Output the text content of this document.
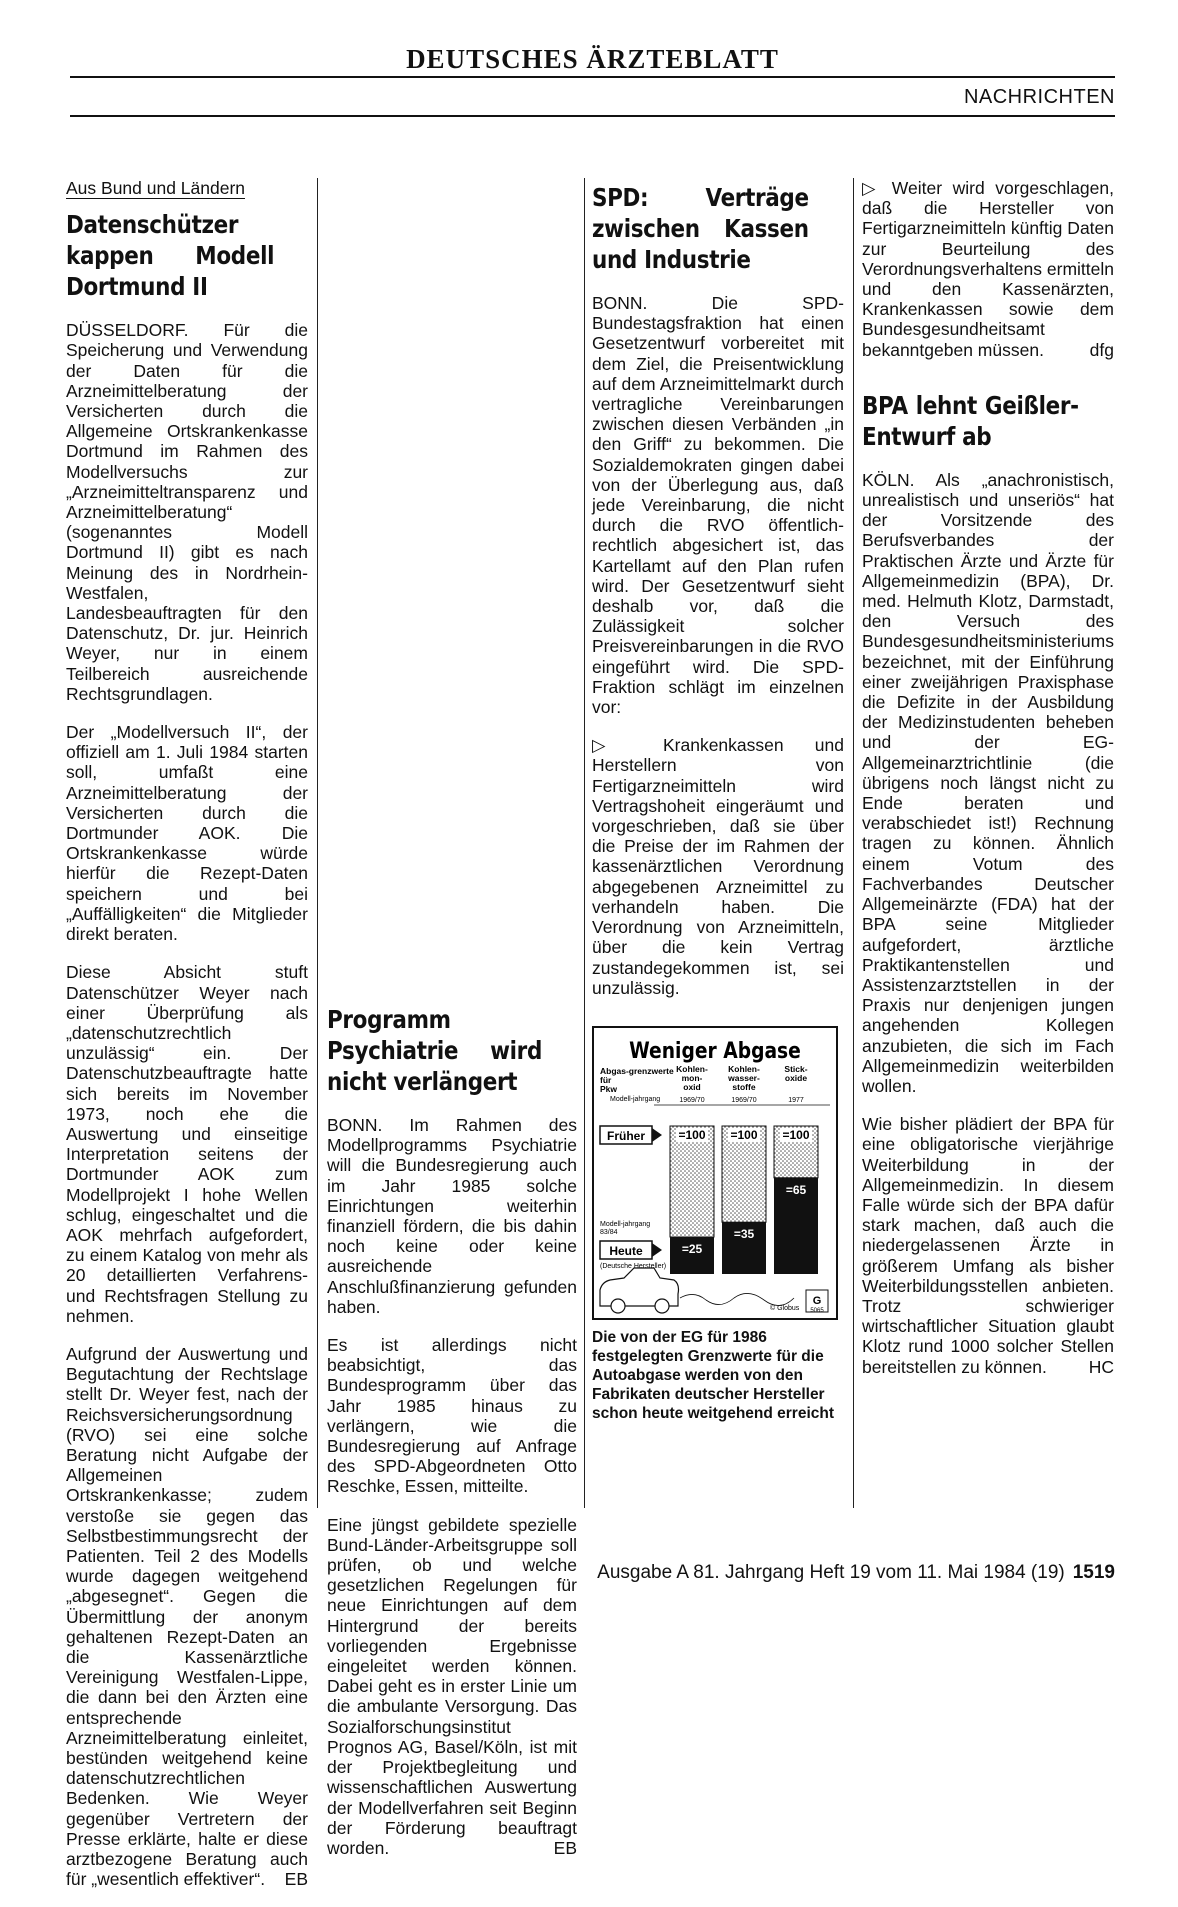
DEUTSCHES ÄRZTEBLATT
NACHRICHTEN
Aus Bund und Ländern
Datenschützer kappen Modell Dortmund II

DÜSSELDORF. Für die Speicherung und Verwendung der Daten für die Arzneimittelberatung der Versicherten durch die Allgemeine Ortskrankenkasse Dortmund im Rahmen des Modellversuchs zur „Arzneimitteltransparenz und Arzneimittelberatung“ (sogenanntes Modell Dortmund II) gibt es nach Meinung des in Nordrhein-Westfalen, Landesbeauftragten für den Datenschutz, Dr. jur. Heinrich Weyer, nur in einem Teilbereich ausreichende Rechtsgrundlagen.

Der „Modellversuch II“, der offiziell am 1. Juli 1984 starten soll, umfaßt eine Arzneimittelberatung der Versicherten durch die Dortmunder AOK. Die Ortskrankenkasse würde hierfür die Rezept-Daten speichern und bei „Auffälligkeiten“ die Mitglieder direkt beraten.

Diese Absicht stuft Datenschützer Weyer nach einer Überprüfung als „datenschutzrechtlich unzulässig“ ein. Der Datenschutzbeauftragte hatte sich bereits im November 1973, noch ehe die Auswertung und einseitige Interpretation seitens der Dortmunder AOK zum Modellprojekt I hohe Wellen schlug, eingeschaltet und die AOK mehrfach aufgefordert, zu einem Katalog von mehr als 20 detaillierten Verfahrens- und Rechtsfragen Stellung zu nehmen.

Aufgrund der Auswertung und Begutachtung der Rechtslage stellt Dr. Weyer fest, nach der Reichsversicherungsordnung (RVO) sei eine solche Beratung nicht Aufgabe der Allgemeinen Ortskrankenkasse; zudem verstoße sie gegen das Selbstbestimmungsrecht der Patienten. Teil 2 des Modells wurde dagegen weitgehend „abgesegnet“. Gegen die Übermittlung der anonym gehaltenen Rezept-Daten an die Kassenärztliche Vereinigung Westfalen-Lippe, die dann bei den Ärzten eine entsprechende Arzneimittelberatung einleitet, bestünden weitgehend keine datenschutzrechtlichen Bedenken. Wie Weyer gegenüber Vertretern der Presse erklärte, halte er diese arztbezogene Beratung auch für „wesentlich effektiver“. EB

Programm Psychiatrie wird nicht verlängert

BONN. Im Rahmen des Modellprogramms Psychiatrie will die Bundesregierung auch im Jahr 1985 solche Einrichtungen weiterhin finanziell fördern, die bis dahin noch keine oder keine ausreichende Anschlußfinanzierung gefunden haben.

Es ist allerdings nicht beabsichtigt, das Bundesprogramm über das Jahr 1985 hinaus zu verlängern, wie die Bundesregierung auf Anfrage des SPD-Abgeordneten Otto Reschke, Essen, mitteilte.

Eine jüngst gebildete spezielle Bund-Länder-Arbeitsgruppe soll prüfen, ob und welche gesetzlichen Regelungen für neue Einrichtungen auf dem Hintergrund der bereits vorliegenden Ergebnisse eingeleitet werden können. Dabei geht es in erster Linie um die ambulante Versorgung. Das Sozialforschungsinstitut Prognos AG, Basel/Köln, ist mit der Projektbegleitung und wissenschaftlichen Auswertung der Modellverfahren seit Beginn der Förderung beauftragt worden.	EB

SPD: Verträge zwischen Kassen und Industrie

BONN. Die SPD-Bundestagsfraktion hat einen Gesetzentwurf vorbereitet mit dem Ziel, die Preisentwicklung auf dem Arzneimittelmarkt durch vertragliche Vereinbarungen zwischen diesen Verbänden „in den Griff“ zu bekommen. Die Sozialdemokraten gingen dabei von der Überlegung aus, daß jede Vereinbarung, die nicht durch die RVO öffentlich-rechtlich abgesichert ist, das Kartellamt auf den Plan rufen wird. Der Gesetzentwurf sieht deshalb vor, daß die Zulässigkeit solcher Preisvereinbarungen in die RVO eingeführt wird. Die SPD-Fraktion schlägt im einzelnen vor:

▷ Krankenkassen und Herstellern von Fertigarzneimitteln wird Vertragshoheit eingeräumt und vorgeschrieben, daß sie über die Preise der im Rahmen der kassenärztlichen Verordnung abgegebenen Arzneimittel zu verhandeln haben. Die Verordnung von Arzneimitteln, über die kein Vertrag zustandegekommen ist, sei unzulässig.

Weniger Abgase
Abgas-grenzwerte
für
Pkw
Modell-jahrgang
Kohlen-
mon-
oxid
1969/70
Kohlen-
wasser-
stoffe
1969/70
Stick-
oxide
1977
=100
=25
=100
=35
=100
=65
Früher
Modell-jahrgang
83/84
Heute
(Deutsche Hersteller)
© Globus
G
5065
Die von der EG für 1986 festgelegten Grenzwerte für die Autoabgase werden von den Fabrikaten deutscher Hersteller schon heute weitgehend erreicht

▷ Weiter wird vorgeschlagen, daß die Hersteller von Fertigarzneimitteln künftig Daten zur Beurteilung des Verordnungsverhaltens ermitteln und den Kassenärzten, Krankenkassen sowie dem Bundesgesundheitsamt bekanntgeben müssen.	dfg

BPA lehnt Geißler-Entwurf ab

KÖLN. Als „anachronistisch, unrealistisch und unseriös“ hat der Vorsitzende des Berufsverbandes der Praktischen Ärzte und Ärzte für Allgemeinmedizin (BPA), Dr. med. Helmuth Klotz, Darmstadt, den Versuch des Bundesgesundheitsministeriums bezeichnet, mit der Einführung einer zweijährigen Praxisphase die Defizite in der Ausbildung der Medizinstudenten beheben und der EG-Allgemeinarztrichtlinie (die übrigens noch längst nicht zu Ende beraten und verabschiedet ist!) Rechnung tragen zu können. Ähnlich einem Votum des Fachverbandes Deutscher Allgemeinärzte (FDA) hat der BPA seine Mitglieder aufgefordert, ärztliche Praktikantenstellen und Assistenzarztstellen in der Praxis nur denjenigen jungen angehenden Kollegen anzubieten, die sich im Fach Allgemeinmedizin weiterbilden wollen.

Wie bisher plädiert der BPA für eine obligatorische vierjährige Weiterbildung in der Allgemeinmedizin. In diesem Falle würde sich der BPA dafür stark machen, daß auch die niedergelassenen Ärzte in größerem Umfang als bisher Weiterbildungsstellen anbieten. Trotz schwieriger wirtschaftlicher Situation glaubt Klotz rund 1000 solcher Stellen bereitstellen zu können. HC

Ausgabe A 81. Jahrgang Heft 19 vom 11. Mai 1984 (19) 1519
